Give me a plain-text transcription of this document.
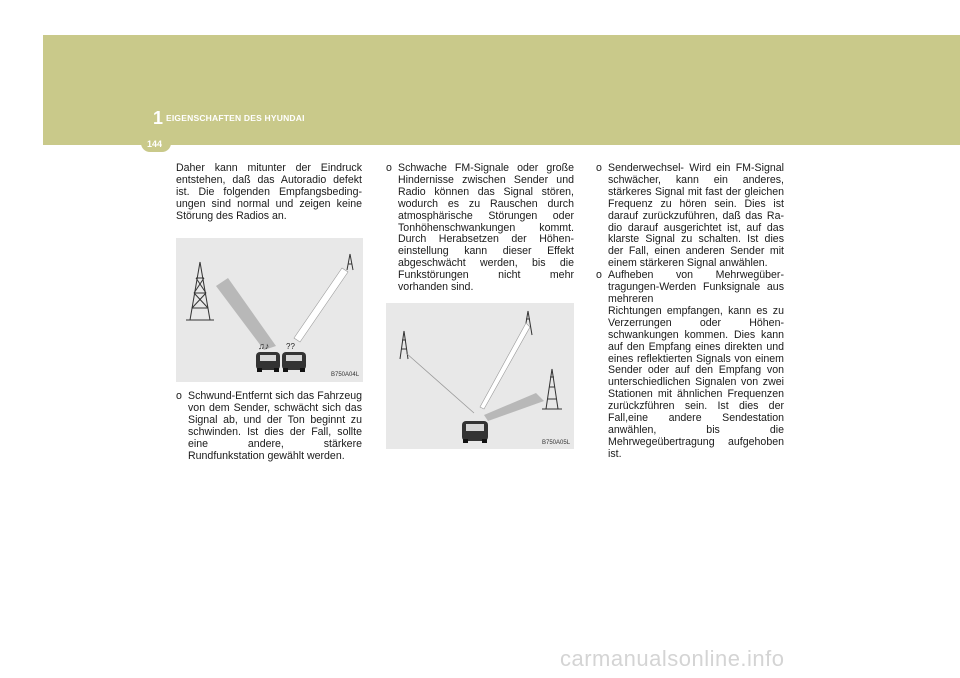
1 EIGENSCHAFTEN DES HYUNDAI
144

Daher kann mitunter der Eindruck entstehen, daß das Autoradio defekt ist. Die folgenden Empfangsbeding-ungen sind normal und zeigen keine Störung des Radios an.

♫♪ ??
B750A04L
o Schwund-Entfernt sich das Fahrzeug von dem Sender, schwächt sich das Signal ab, und der Ton beginnt zu schwinden. Ist dies der Fall, sollte eine andere, stärkere Rundfunkstation gewählt werden.
o Schwache FM-Signale oder große Hindernisse zwischen Sender und Radio können das Signal stören, wodurch es zu Rauschen durch atmosphärische Störungen oder Tonhöhenschwankungen kommt. Durch Herabsetzen der Höhen-einstellung kann dieser Effekt abgeschwächt werden, bis die Funkstörungen nicht mehr vorhanden sind.
B750A05L
o Senderwechsel- Wird ein FM-Signal schwächer, kann ein anderes, stärkeres Signal mit fast der gleichen Frequenz zu hören sein. Dies ist darauf zurückzuführen, daß das Ra-dio darauf ausgerichtet ist, auf das klarste Signal zu schalten. Ist dies der Fall, einen anderen Sender mit einem stärkeren Signal anwählen.
o Aufheben von Mehrwegüber-tragungen-Werden Funksignale aus mehreren
Richtungen empfangen, kann es zu Verzerrungen oder Höhen-schwankungen kommen. Dies kann auf den Empfang eines direkten und eines reflektierten Signals von einem Sender oder auf den Empfang von unterschiedlichen Signalen von zwei Stationen mit ähnlichen Frequenzen zurückzführen sein. Ist dies der Fall,eine andere Sendestation anwählen, bis die Mehrwegeübertragung aufgehoben ist.
carmanualsonline.info
